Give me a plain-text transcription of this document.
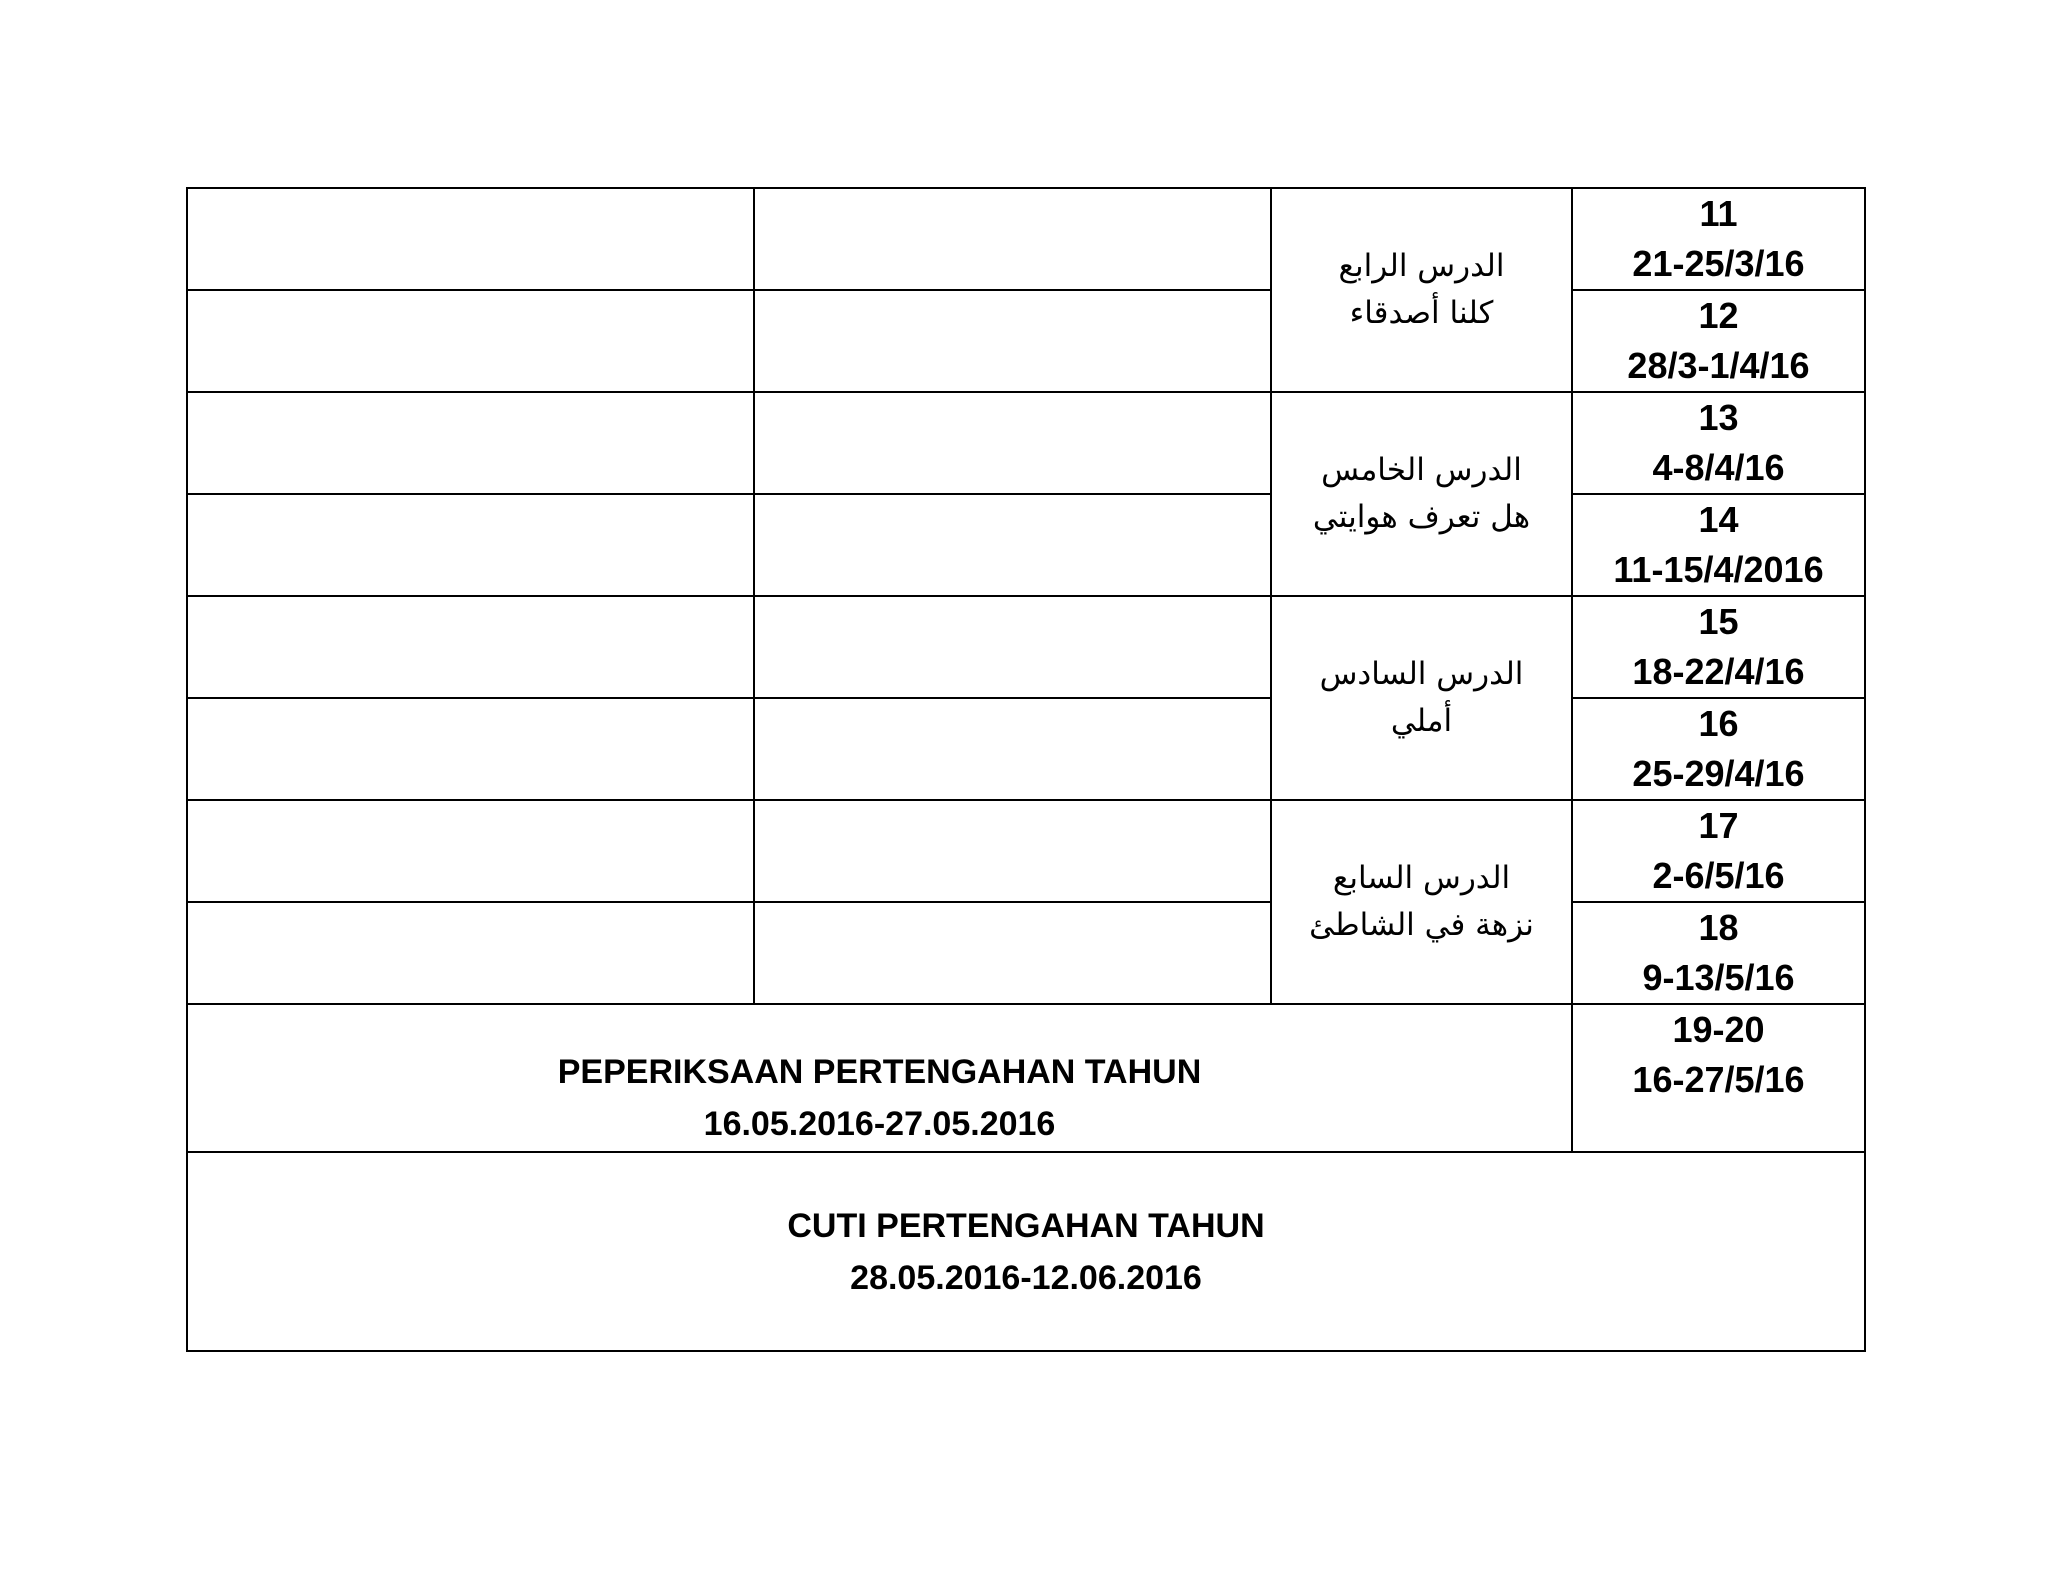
		الدرس الرابع
كلنا أصدقاء	11
21-25/3/16

			12
28/3-1/4/16

		الدرس الخامس
هل تعرف هوايتي	13
4-8/4/16

			14
11-15/4/2016

		الدرس السادس
أملي	15
18-22/4/16

			16
25-29/4/16

		الدرس السابع
نزهة في الشاطئ	17
2-6/5/16

			18
9-13/5/16

PEPERIKSAAN PERTENGAHAN TAHUN
16.05.2016-27.05.2016			19-20
16-27/5/16

CUTI PERTENGAHAN TAHUN
28.05.2016-12.06.2016			
